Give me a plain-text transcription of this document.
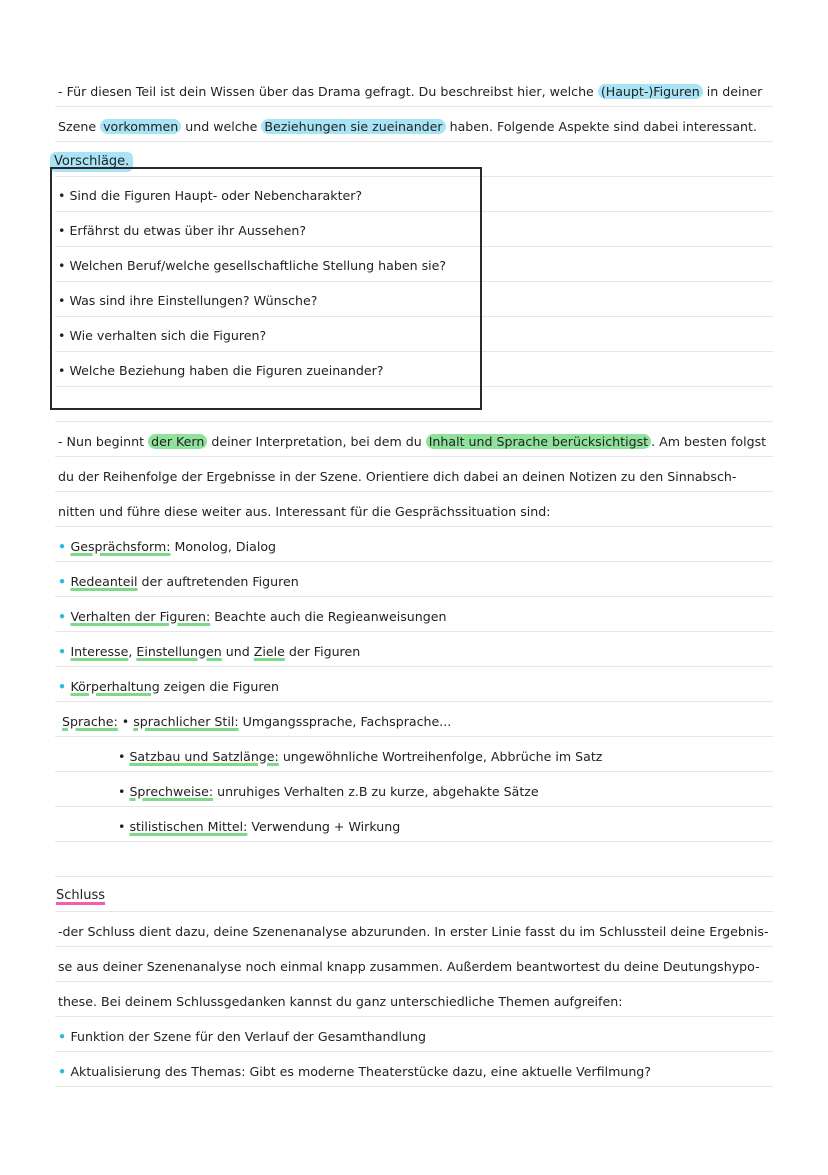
- Für diesen Teil ist dein Wissen über das Drama gefragt. Du beschreibst hier, welche (Haupt-)Figuren in deiner
Szene vorkommen und welche Beziehungen sie zueinander haben. Folgende Aspekte sind dabei interessant.
Vorschläge.
• Sind die Figuren Haupt- oder Nebencharakter?
• Erfährst du etwas über ihr Aussehen?
• Welchen Beruf/welche gesellschaftliche Stellung haben sie?
• Was sind ihre Einstellungen? Wünsche?
• Wie verhalten sich die Figuren?
• Welche Beziehung haben die Figuren zueinander?
- Nun beginnt der Kern deiner Interpretation, bei dem du Inhalt und Sprache berücksichtigst . Am besten folgst
du der Reihenfolge der Ergebnisse in der Szene. Orientiere dich dabei an deinen Notizen zu den Sinnabsch-
nitten und führe diese weiter aus. Interessant für die Gesprächssituation sind:
• Gesprächsform: Monolog, Dialog
• Redeanteil der auftretenden Figuren
• Verhalten der Figuren: Beachte auch die Regieanweisungen
• Interesse, Einstellungen und Ziele der Figuren
• Körperhaltung zeigen die Figuren
Sprache: • sprachlicher Stil: Umgangssprache, Fachsprache...
• Satzbau und Satzlänge: ungewöhnliche Wortreihenfolge, Abbrüche im Satz
• Sprechweise: unruhiges Verhalten z.B zu kurze, abgehakte Sätze
• stilistischen Mittel: Verwendung + Wirkung
Schluss
-der Schluss dient dazu, deine Szenenanalyse abzurunden. In erster Linie fasst du im Schlussteil deine Ergebnis-
se aus deiner Szenenanalyse noch einmal knapp zusammen. Außerdem beantwortest du deine Deutungshypo-
these. Bei deinem Schlussgedanken kannst du ganz unterschiedliche Themen aufgreifen:
• Funktion der Szene für den Verlauf der Gesamthandlung
• Aktualisierung des Themas: Gibt es moderne Theaterstücke dazu, eine aktuelle Verfilmung?
